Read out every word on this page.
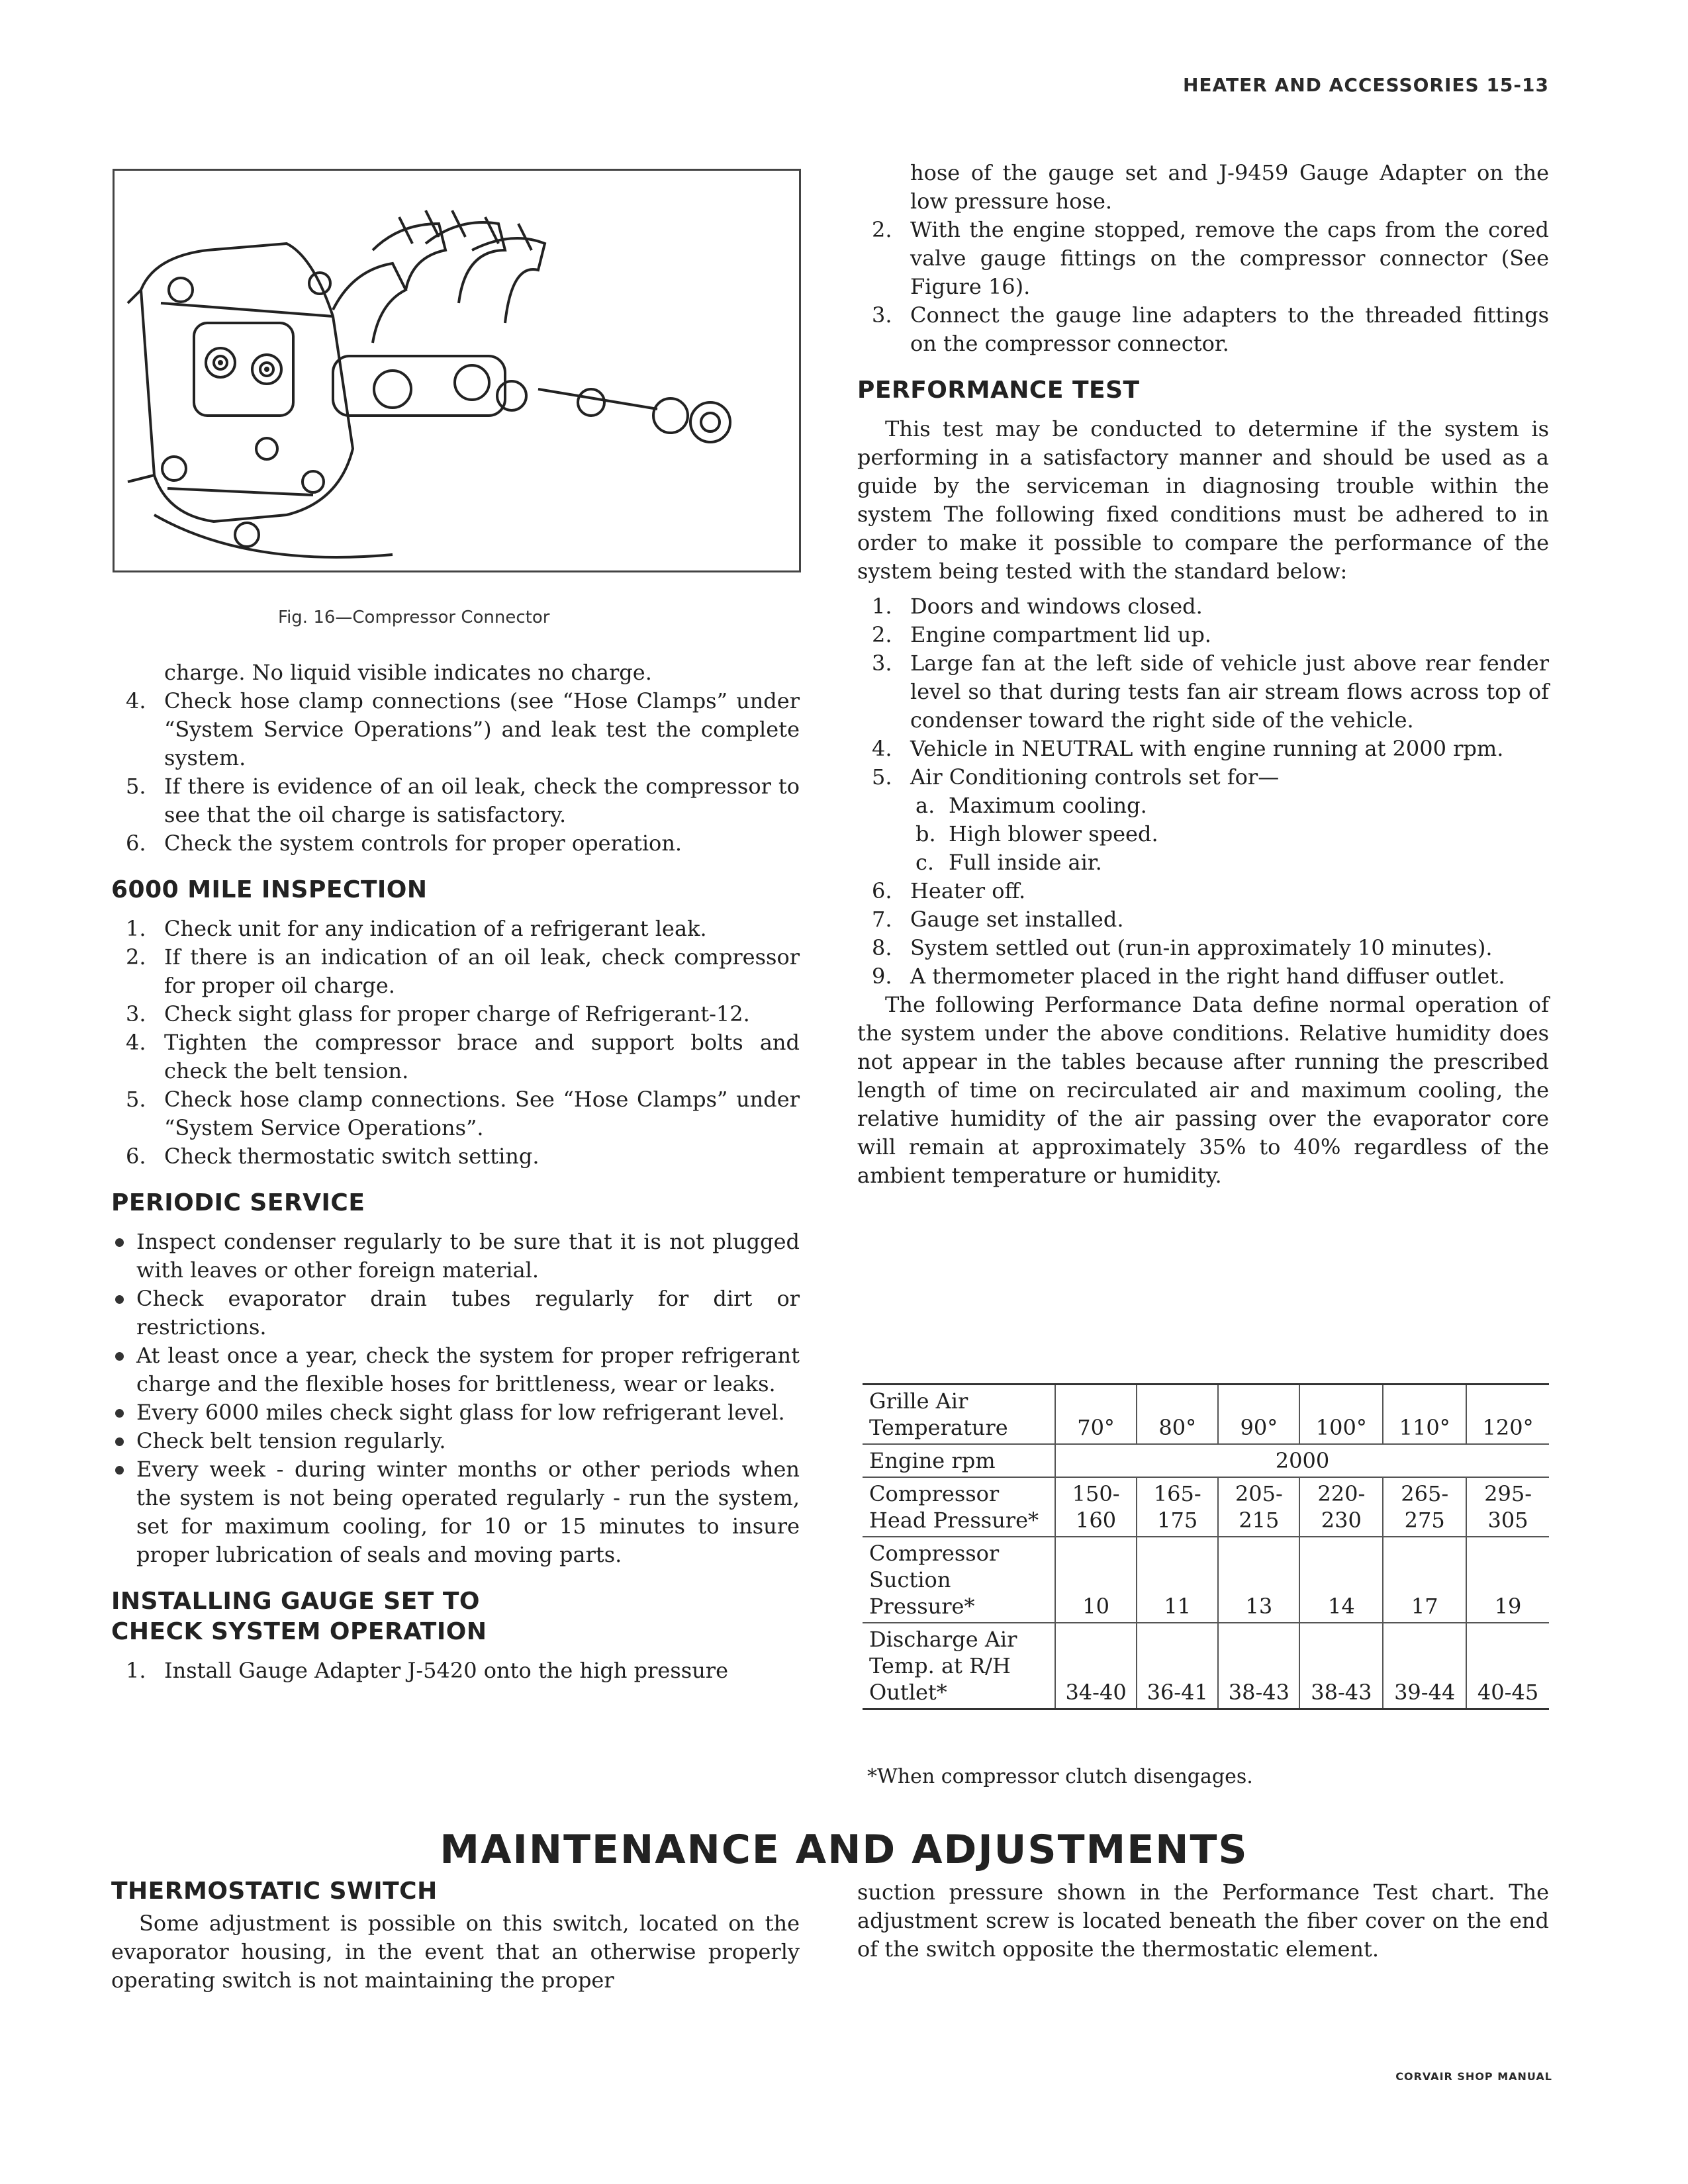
HEATER AND ACCESSORIES 15-13
Fig. 16—Compressor Connector

charge. No liquid visible indicates no charge.

4. Check hose clamp connections (see “Hose Clamps” under “System Service Operations”) and leak test the complete system.
5. If there is evidence of an oil leak, check the compressor to see that the oil charge is satisfactory.
6. Check the system controls for proper operation.
6000 MILE INSPECTION
1. Check unit for any indication of a refrigerant leak.
2. If there is an indication of an oil leak, check compressor for proper oil charge.
3. Check sight glass for proper charge of Refrigerant-12.
4. Tighten the compressor brace and support bolts and check the belt tension.
5. Check hose clamp connections. See “Hose Clamps” under “System Service Operations”.
6. Check thermostatic switch setting.
PERIODIC SERVICE
Inspect condenser regularly to be sure that it is not plugged with leaves or other foreign material.
Check evaporator drain tubes regularly for dirt or restrictions.
At least once a year, check the system for proper refrigerant charge and the flexible hoses for brittleness, wear or leaks.
Every 6000 miles check sight glass for low refrigerant level.
Check belt tension regularly.
Every week - during winter months or other periods when the system is not being operated regularly - run the system, set for maximum cooling, for 10 or 15 minutes to insure proper lubrication of seals and moving parts.
INSTALLING GAUGE SET TO
CHECK SYSTEM OPERATION
1. Install Gauge Adapter J-5420 onto the high pressure

hose of the gauge set and J-9459 Gauge Adapter on the low pressure hose.

2. With the engine stopped, remove the caps from the cored valve gauge fittings on the compressor connector (See Figure 16).
3. Connect the gauge line adapters to the threaded fittings on the compressor connector.
PERFORMANCE TEST

This test may be conducted to determine if the system is performing in a satisfactory manner and should be used as a guide by the serviceman in diagnosing trouble within the system The following fixed conditions must be adhered to in order to make it possible to compare the performance of the system being tested with the standard below:

1. Doors and windows closed.
2. Engine compartment lid up.
3. Large fan at the left side of vehicle just above rear fender level so that during tests fan air stream flows across top of condenser toward the right side of the vehicle.
4. Vehicle in NEUTRAL with engine running at 2000 rpm.
5. Air Conditioning controls set for—
a. Maximum cooling.
b. High blower speed.
c. Full inside air.
6. Heater off.
7. Gauge set installed.
8. System settled out (run-in approximately 10 minutes).
9. A thermometer placed in the right hand diffuser outlet.

The following Performance Data define normal operation of the system under the above conditions. Relative humidity does not appear in the tables because after running the prescribed length of time on recirculated air and maximum cooling, the relative humidity of the air passing over the evaporator core will remain at approximately 35% to 40% regardless of the ambient temperature or humidity.

Grille Air Temperature	70°	80°	90°	100°	110°	120°
Engine rpm	2000					
Compressor Head Pressure*	150-160	165-175	205-215	220-230	265-275	295-305
Compressor Suction Pressure*	10	11	13	14	17	19
Discharge Air Temp. at R/H Outlet*	34-40	36-41	38-43	38-43	39-44	40-45
*When compressor clutch disengages.
MAINTENANCE AND ADJUSTMENTS
THERMOSTATIC SWITCH

Some adjustment is possible on this switch, located on the evaporator housing, in the event that an otherwise properly operating switch is not maintaining the proper

suction pressure shown in the Performance Test chart. The adjustment screw is located beneath the fiber cover on the end of the switch opposite the thermostatic element.

CORVAIR SHOP MANUAL
